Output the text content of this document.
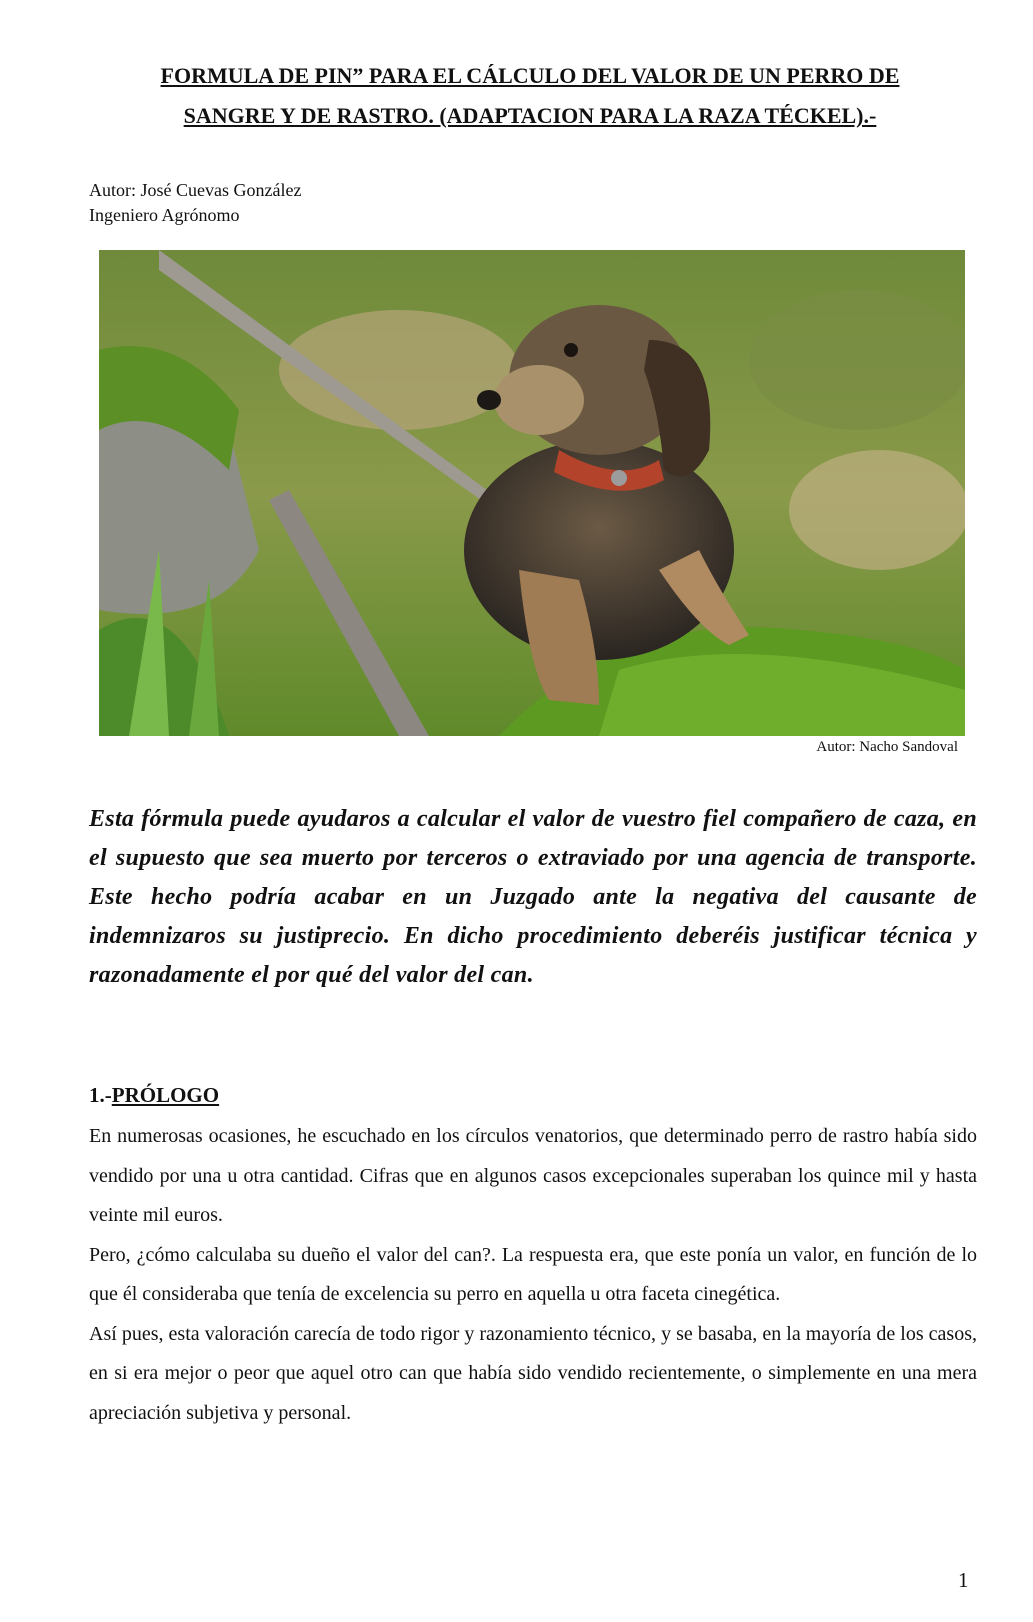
FORMULA DE PIN” PARA EL CÁLCULO DEL VALOR DE UN PERRO DE
SANGRE Y DE RASTRO. (ADAPTACION PARA LA RAZA TÉCKEL).-
Autor: José Cuevas González
Ingeniero Agrónomo
Autor: Nacho Sandoval
Esta fórmula puede ayudaros a calcular el valor de vuestro fiel compañero de caza, en el supuesto que sea muerto por terceros o extraviado por una agencia de transporte. Este hecho podría acabar en un Juzgado ante la negativa del causante de indemnizaros su justiprecio. En dicho procedimiento deberéis justificar técnica y razonadamente el por qué del valor del can.
1.-PRÓLOGO

En numerosas ocasiones, he escuchado en los círculos venatorios, que determinado perro de rastro había sido vendido por una u otra cantidad. Cifras que en algunos casos excepcionales superaban los quince mil y hasta veinte mil euros.

Pero, ¿cómo calculaba su dueño el valor del can?. La respuesta era, que este ponía un valor, en función de lo que él consideraba que tenía de excelencia su perro en aquella u otra faceta cinegética.

Así pues, esta valoración carecía de todo rigor y razonamiento técnico, y se basaba, en la mayoría de los casos, en si era mejor o peor que aquel otro can que había sido vendido recientemente, o simplemente en una mera apreciación subjetiva y personal.

1
